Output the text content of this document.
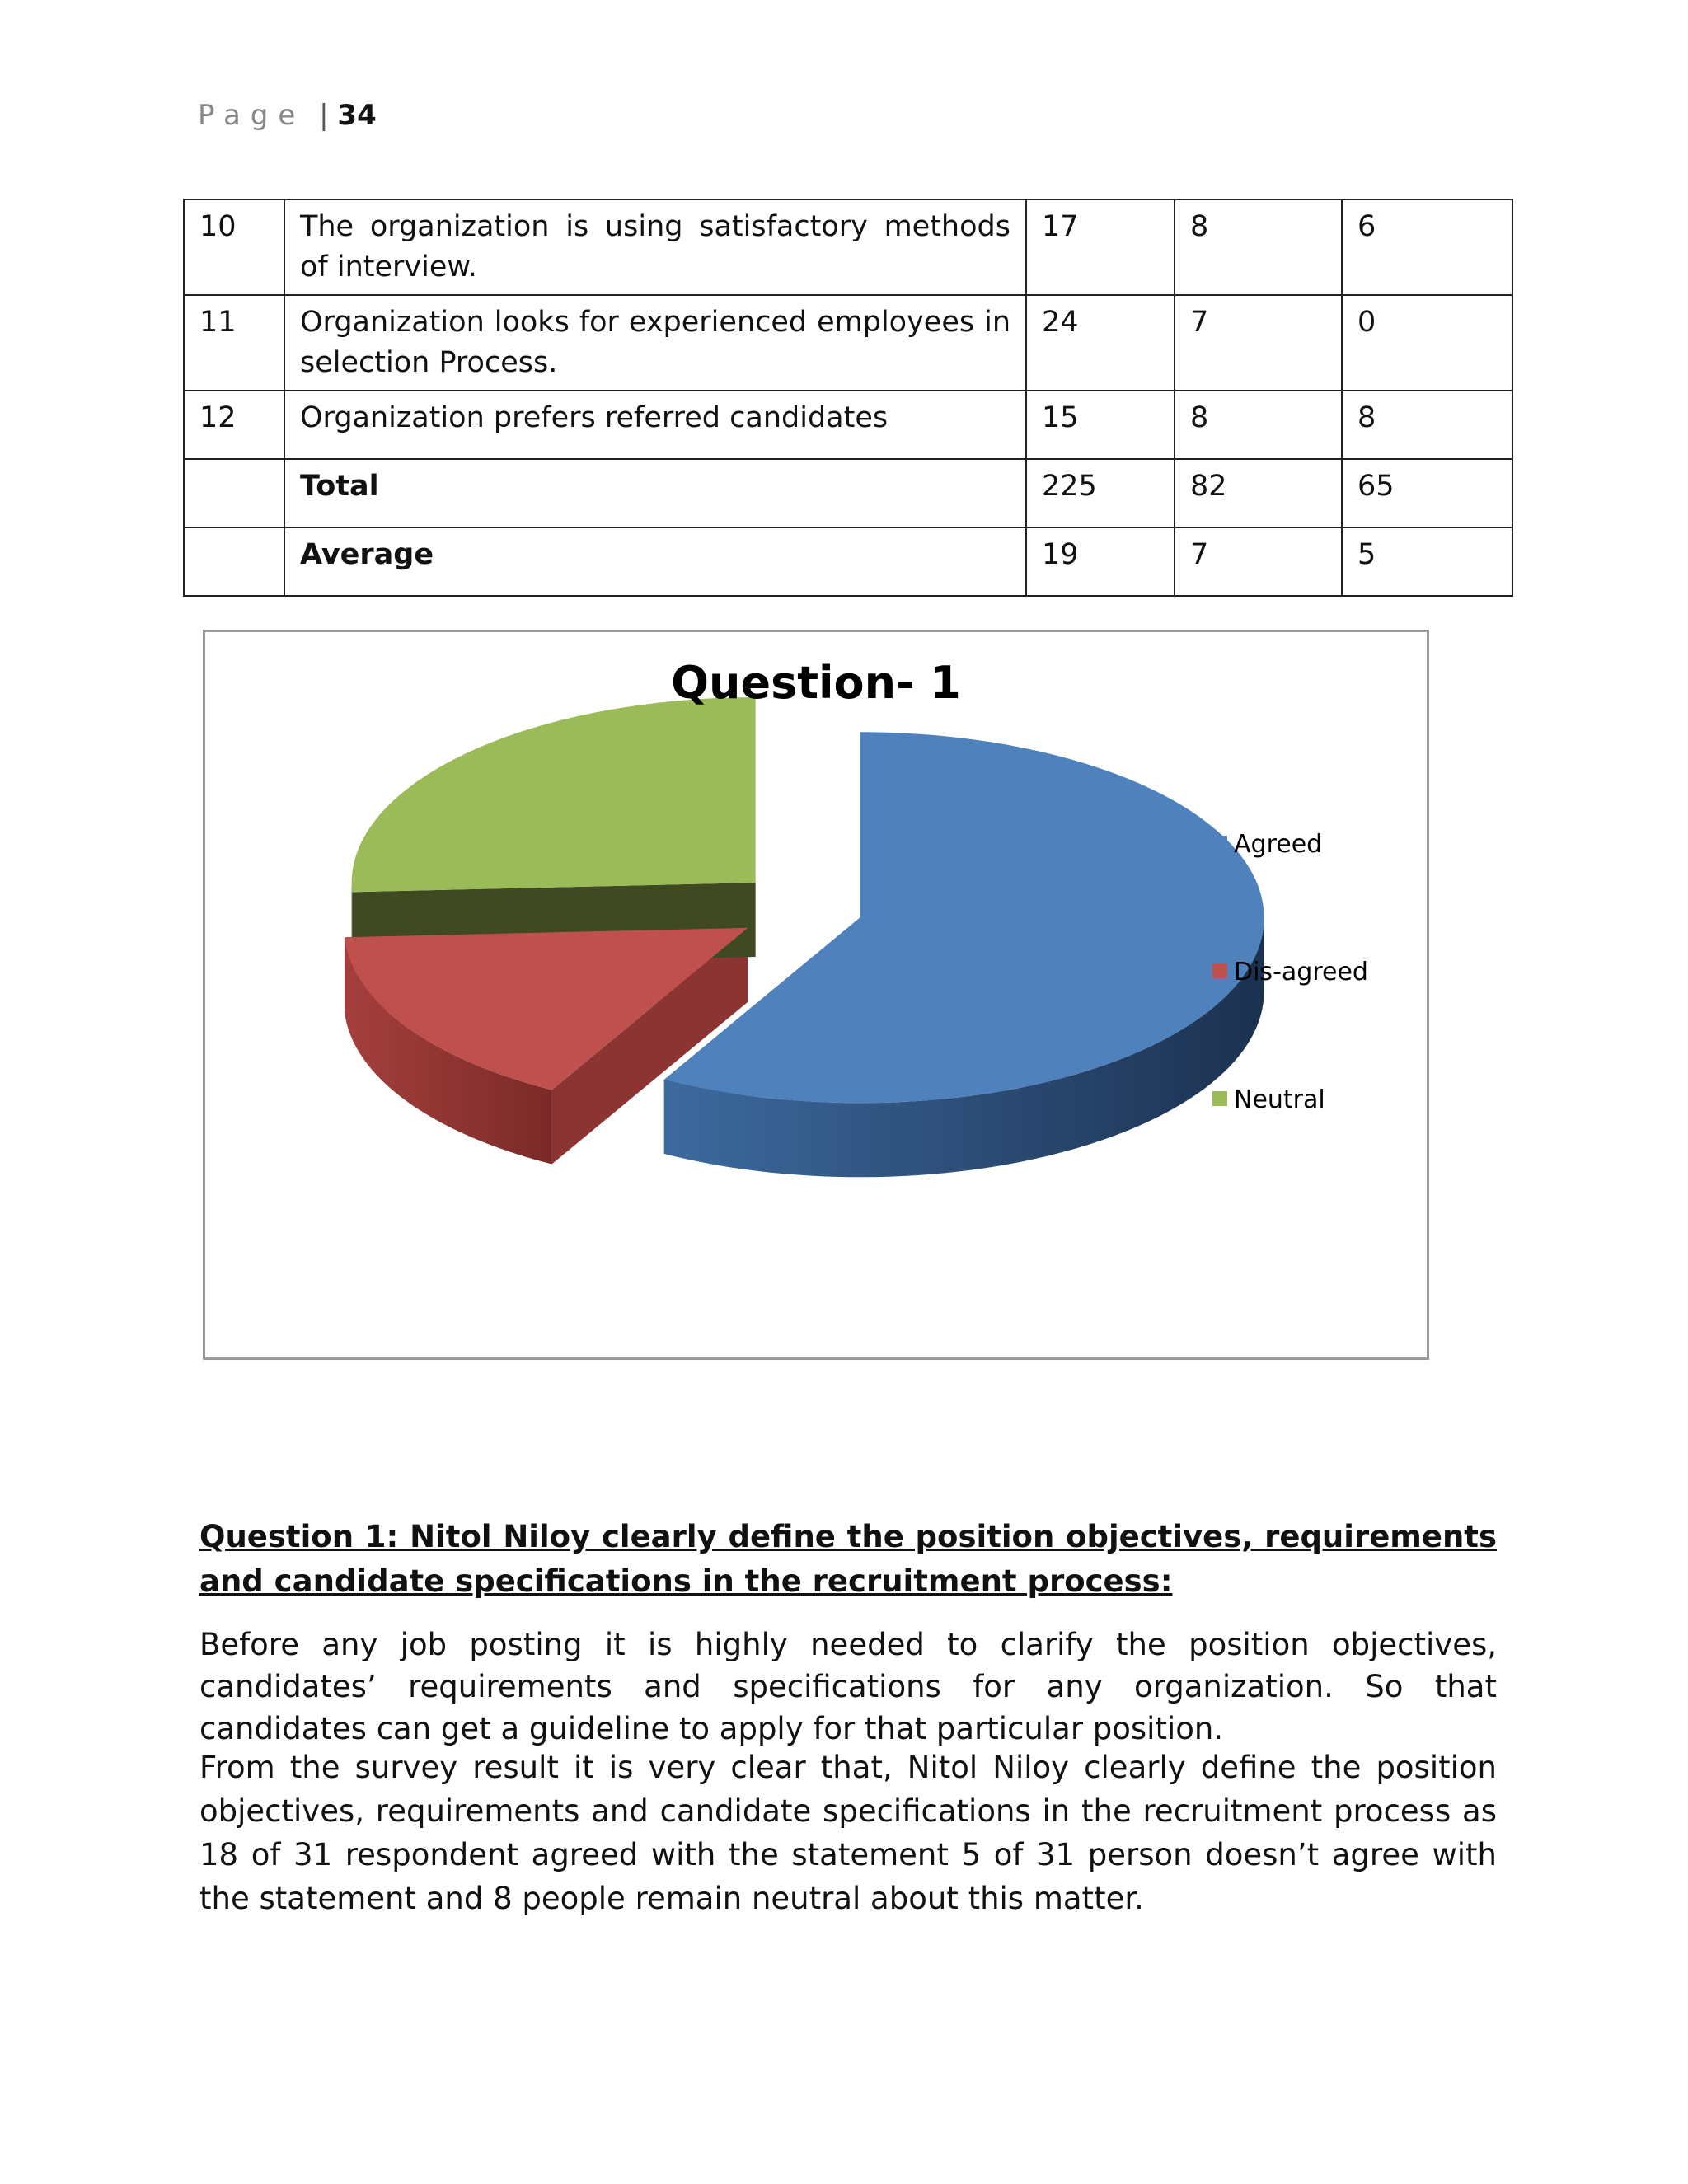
Page | 34
10	The organization is using satisfactory methods of interview.	17	8	6
11	Organization looks for experienced employees in selection Process.	24	7	0
12	Organization prefers referred candidates	15	8	8
	Total	225	82	65
	Average	19	7	5
Question- 1
Agreed
Dis-agreed
Neutral
Question 1: Nitol Niloy clearly define the position objectives, requirements and candidate specifications in the recruitment process:

Before any job posting it is highly needed to clarify the position objectives, candidates’ requirements and specifications for any organization. So that candidates can get a guideline to apply for that particular position.

From the survey result it is very clear that, Nitol Niloy clearly define the position objectives, requirements and candidate specifications in the recruitment process as 18 of 31 respondent agreed with the statement 5 of 31 person doesn’t agree with the statement and 8 people remain neutral about this matter.
